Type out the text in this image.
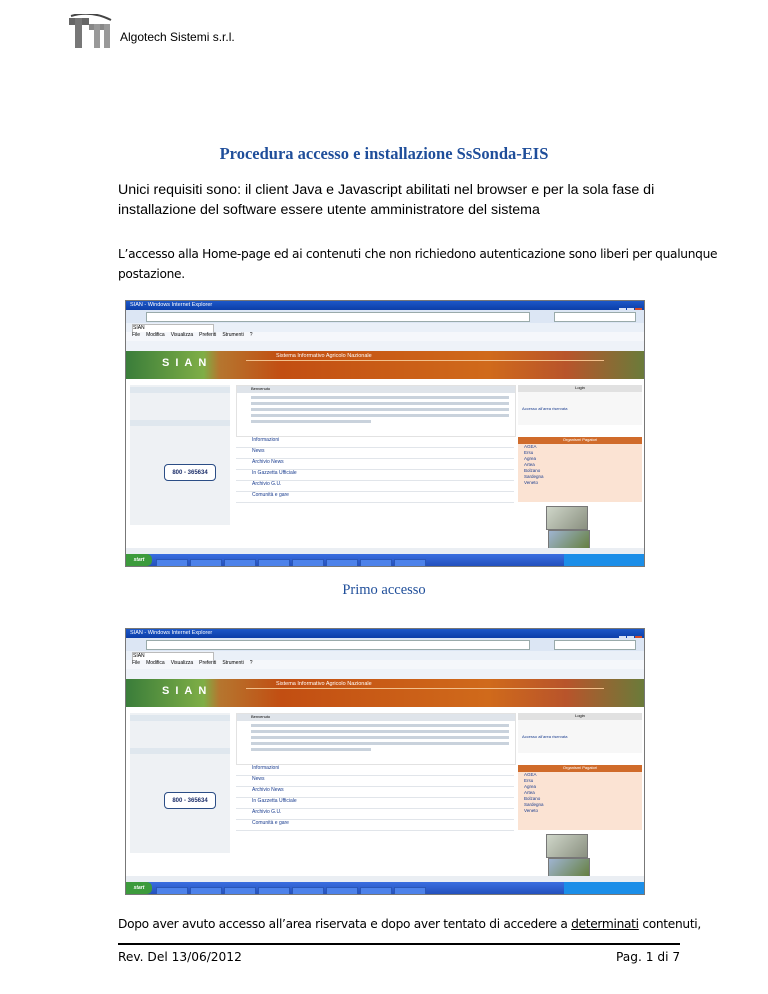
Algotech Sistemi s.r.l.
Procedura accesso e installazione SsSonda-EIS
Unici requisiti sono: il client Java e Javascript abilitati nel browser e per la sola fase di installazione del software essere utente amministratore del sistema
L’accesso alla Home-page ed ai contenuti che non richiedono autenticazione sono liberi per qualunque postazione.
SIAN - Windows Internet Explorer
SIAN
File Modifica Visualizza Preferiti Strumenti ?
SIAN
Sistema Informativo Agricolo Nazionale

800 - 365634
Benvenuto
Informazioni
News
Archivio News
In Gazzetta Ufficiale
Archivio G.U.
Comunità e gare
Login
Accesso all'area riservata
Organismi Pagatori
AGEA
Ersu
Agrea
Artea
Bolzano
Sardegna
Veneto
start
Primo accesso
SIAN - Windows Internet Explorer
SIAN
File Modifica Visualizza Preferiti Strumenti ?
SIAN
Sistema Informativo Agricolo Nazionale

800 - 365634
Benvenuto
Informazioni
News
Archivio News
In Gazzetta Ufficiale
Archivio G.U.
Comunità e gare
Login
Accesso all'area riservata
Organismi Pagatori
AGEA
Ersu
Agrea
Artea
Bolzano
Sardegna
Veneto
start
Dopo aver avuto accesso all’area riservata e dopo aver tentato di accedere a determinati contenuti,
Rev. Del 13/06/2012	Pag. 1 di 7
